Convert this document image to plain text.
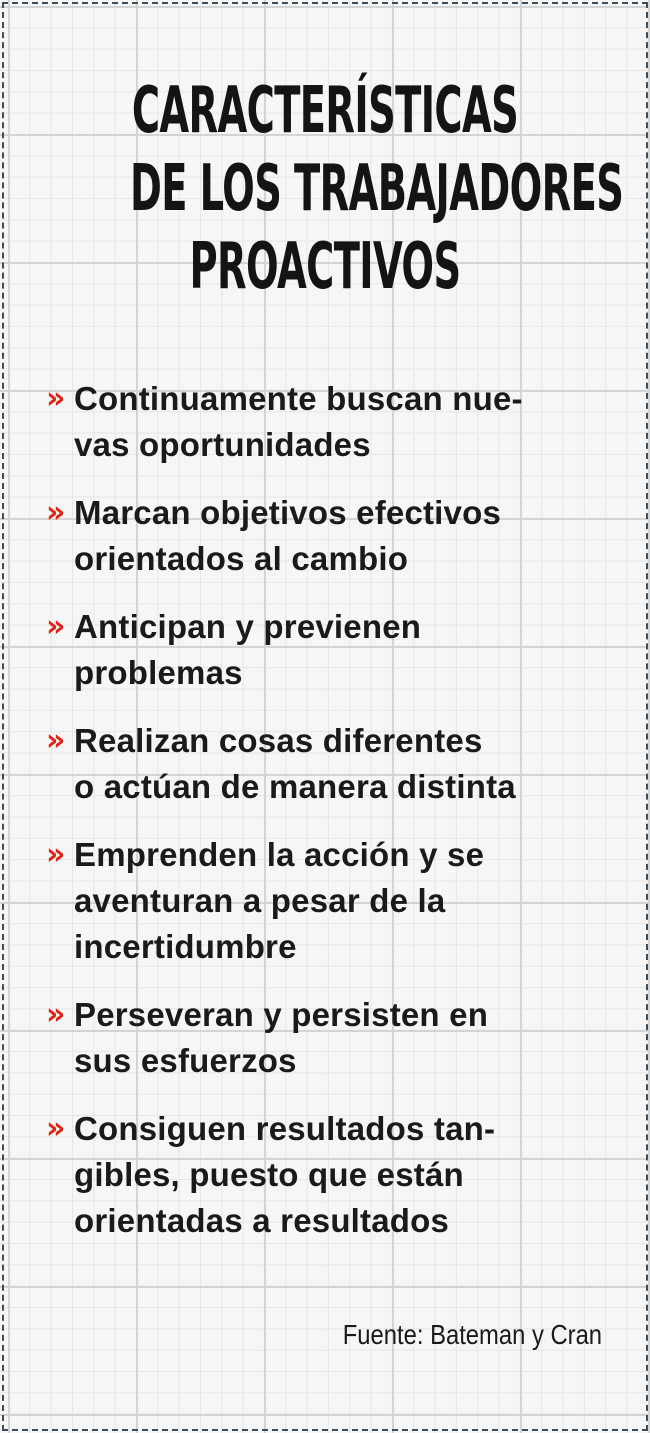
CARACTERÍSTICAS
DE LOS TRABAJADORES
PROACTIVOS
» Continuamente buscan nue-
vas oportunidades
» Marcan objetivos efectivos
orientados al cambio
» Anticipan y previenen
problemas
» Realizan cosas diferentes
o actúan de manera distinta
» Emprenden la acción y se
aventuran a pesar de la
incertidumbre
» Perseveran y persisten en
sus esfuerzos
» Consiguen resultados tan-
gibles, puesto que están
orientadas a resultados
Fuente: Bateman y Cran
